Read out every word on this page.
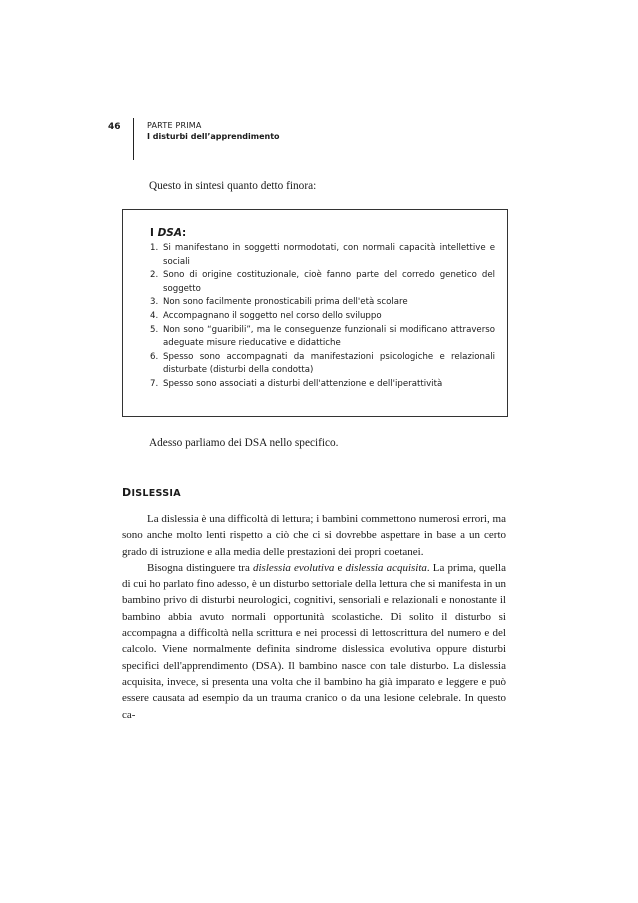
46	PARTE PRIMA
I disturbi dell’apprendimento
Questo in sintesi quanto detto finora:
I DSA:
1. Si manifestano in soggetti normodotati, con normali capacità intellettive e sociali
2. Sono di origine costituzionale, cioè fanno parte del corredo genetico del soggetto
3. Non sono facilmente pronosticabili prima dell'età scolare
4. Accompagnano il soggetto nel corso dello sviluppo
5. Non sono “guaribili”, ma le conseguenze funzionali si modificano attraverso adeguate misure rieducative e didattiche
6. Spesso sono accompagnati da manifestazioni psicologiche e relazionali disturbate (disturbi della condotta)
7. Spesso sono associati a disturbi dell'attenzione e dell'iperattività
Adesso parliamo dei DSA nello specifico.
DISLESSIA

La dislessia è una difficoltà di lettura; i bambini commettono numerosi errori, ma sono anche molto lenti rispetto a ciò che ci si dovrebbe aspettare in base a un certo grado di istruzione e alla media delle prestazioni dei propri coetanei.

Bisogna distinguere tra dislessia evolutiva e dislessia acquisita. La prima, quella di cui ho parlato fino adesso, è un disturbo settoriale della lettura che si manifesta in un bambino privo di disturbi neurologici, cognitivi, sensoriali e relazionali e nonostante il bambino abbia avuto normali opportunità scolastiche. Di solito il disturbo si accompagna a difficoltà nella scrittura e nei processi di lettoscrittura del numero e del calcolo. Viene normalmente definita sindrome dislessica evolutiva oppure disturbi specifici dell'apprendimento (DSA). Il bambino nasce con tale disturbo. La dislessia acquisita, invece, si presenta una volta che il bambino ha già imparato e leggere e può essere causata ad esempio da un trauma cranico o da una lesione celebrale. In questo ca-
